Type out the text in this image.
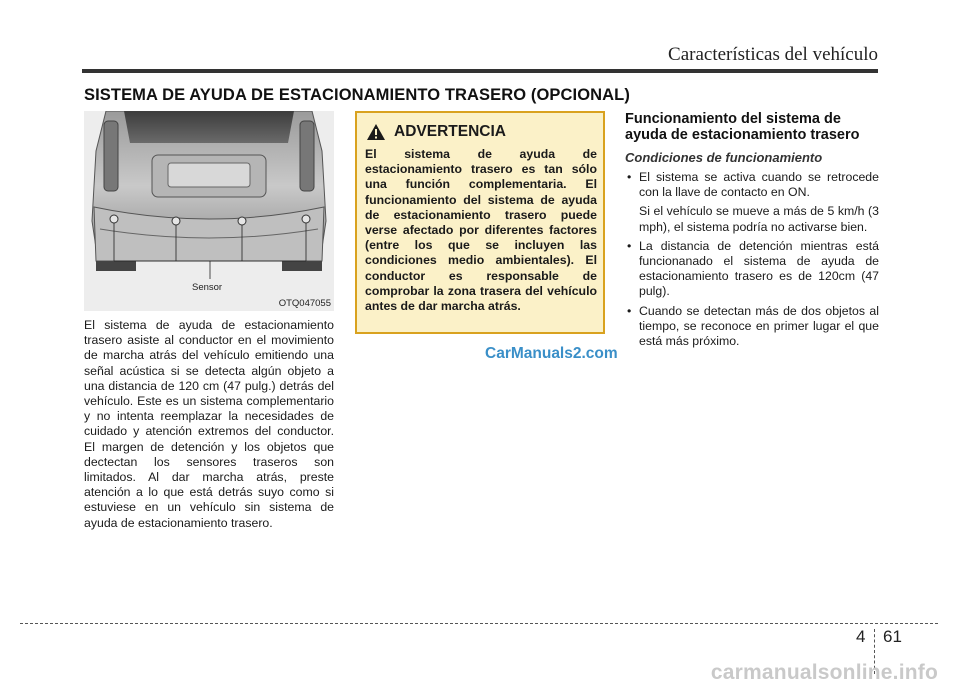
Características del vehículo
SISTEMA DE AYUDA DE ESTACIONAMIENTO TRASERO (OPCIONAL)
Sensor
OTQ047055
El sistema de ayuda de estacionamiento trasero asiste al conductor en el movimiento de marcha atrás del vehículo emitiendo una señal acústica si se detecta algún objeto a una distancia de 120 cm (47 pulg.) detrás del vehículo. Este es un sistema complementario y no intenta reemplazar la necesidades de cuidado y atención extremos del conductor. El margen de detención y los objetos que dectectan los sensores traseros son limitados. Al dar marcha atrás, preste atención a lo que está detrás suyo como si estuviese en un vehículo sin sistema de ayuda de estacionamiento trasero.
ADVERTENCIA
El sistema de ayuda de estacionamiento trasero es tan sólo una función complementaria. El funcionamiento del sistema de ayuda de estacionamiento trasero puede verse afectado por diferentes factores (entre los que se incluyen las condiciones medio ambientales). El conductor es responsable de comprobar la zona trasera del vehículo antes de dar marcha atrás.
CarManuals2.com

Funcionamiento del sistema de ayuda de estacionamiento trasero

Condiciones de funcionamiento
• El sistema se activa cuando se retrocede con la llave de contacto en ON.
Si el vehículo se mueve a más de 5 km/h (3 mph), el sistema podría no activarse bien.
• La distancia de detención mientras está funcionanado el sistema de ayuda de estacionamiento trasero es de 120cm (47 pulg).
• Cuando se detectan más de dos objetos al tiempo, se reconoce en primer lugar el que está más próximo.
4 61
carmanualsonline.info
